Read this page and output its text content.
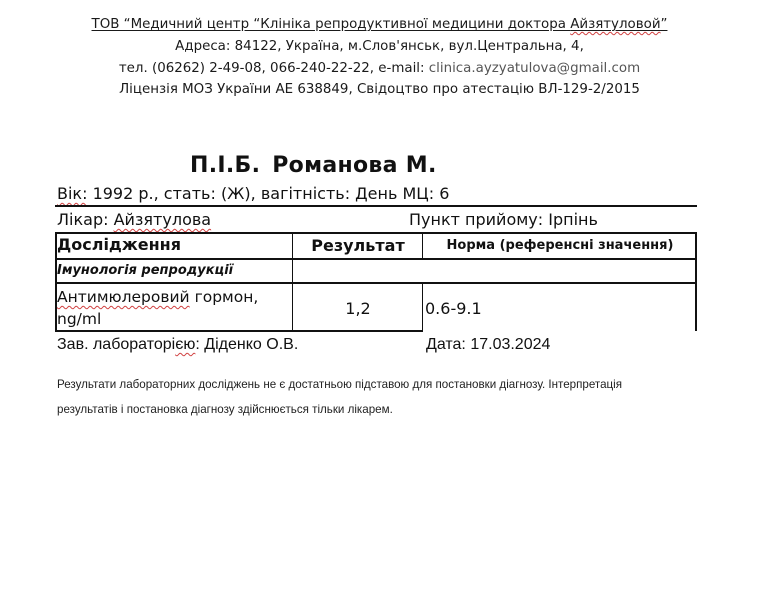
ТОВ “Медичний центр “Клініка репродуктивної медицини доктора Айзятуловой”
Адреса: 84122, Україна, м.Слов'янськ, вул.Центральна, 4,
тел. (06262) 2-49-08, 066-240-22-22, e-mail: clinica.ayzyatulova@gmail.com
Ліцензія МОЗ України АЕ 638849, Свідоцтво про атестацію ВЛ-129-2/2015
П.І.Б. Романова М.
Вік: 1992 р., стать: (Ж), вагітність: День МЦ: 6
Лікар: Айзятулова	Пункт прийому: Ірпінь
Дослідження	Результат	Норма (референсні значення)
Імунологія репродукції
Антимюлеровий гормон,
ng/ml
1,2	0.6-9.1
Зав. лабораторією: Діденко О.В.	Дата: 17.03.2024
Результати лабораторних досліджень не є достатньою підставою для постановки діагнозу. Інтерпретація
результатів і постановка діагнозу здійснюється тільки лікарем.
